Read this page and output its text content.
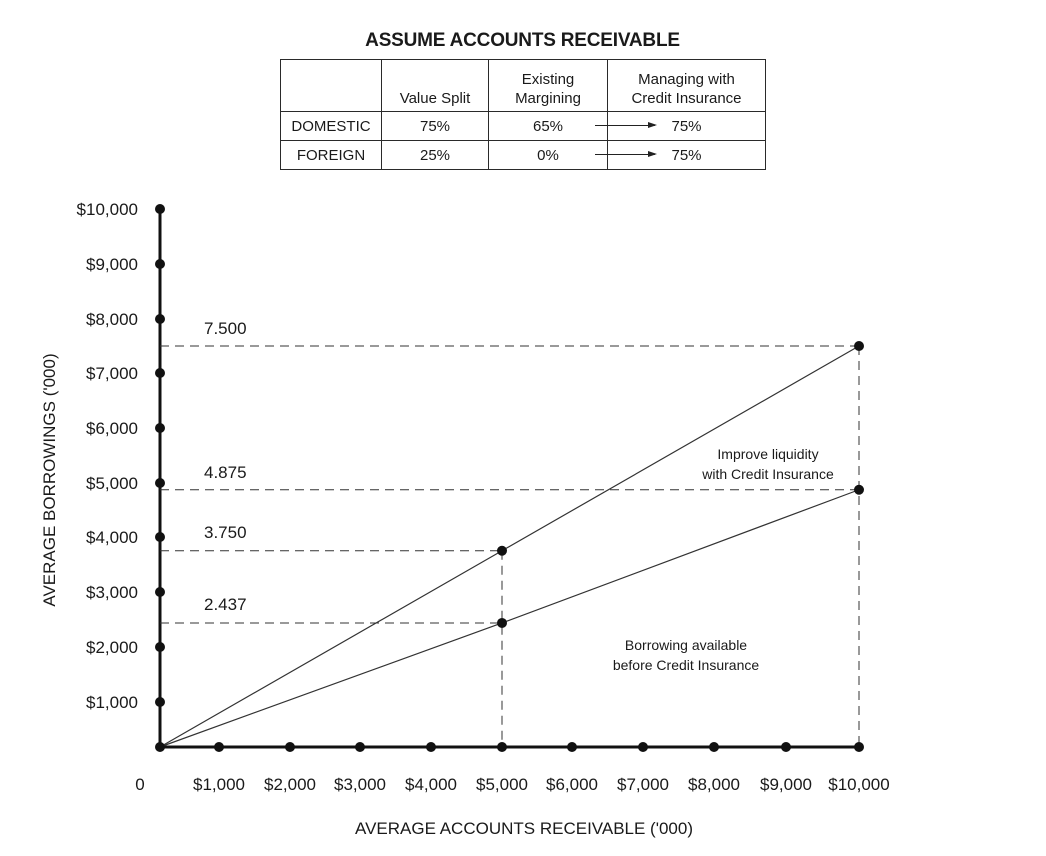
ASSUME ACCOUNTS RECEIVABLE
	Value Split	Existing Margining	Managing with Credit Insurance

DOMESTIC	75%	65%	75%
FOREIGN	25%	0%	75%
0	$1,000 $2,000 $3,000 $4,000 $5,000 $6,000 $7,000 $8,000 $9,000 $10,000
$1,000
$2,000
$3,000
$4,000
$5,000
$6,000
$7,000
$8,000
$9,000
$10,000
7.500
4.875
3.750
2.437
Improve liquidity
with Credit Insurance
Borrowing available
before Credit Insurance
AVERAGE ACCOUNTS RECEIVABLE ('000)
AVERAGE BORROWINGS ('000)
